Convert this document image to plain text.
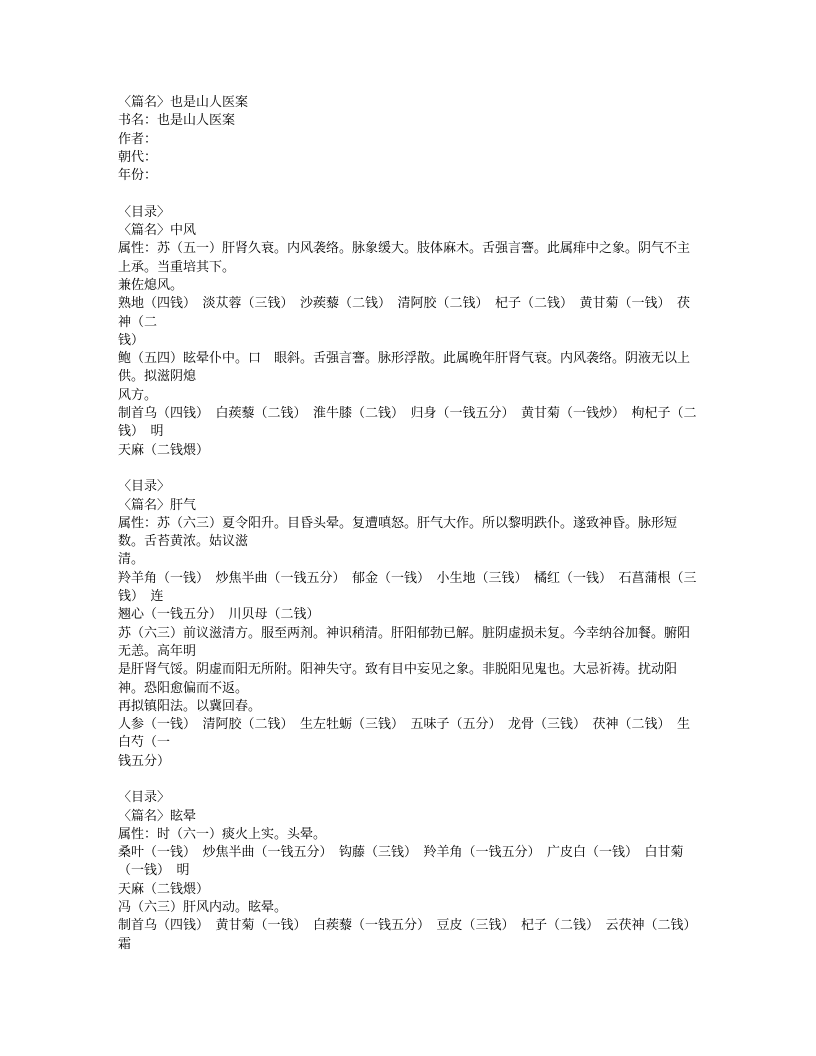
〈篇名〉也是山人医案
书名：也是山人医案
作者：
朝代：
年份：
〈目录〉
〈篇名〉中风
属性：苏（五一）肝肾久衰。内风袭络。脉象缓大。肢体麻木。舌强言謇。此属痱中之象。阴气不主上承。当重培其下。
兼佐熄风。
熟地（四钱）　淡苁蓉（三钱）　沙蒺藜（二钱）　清阿胶（二钱）　杞子（二钱）　黄甘菊（一钱）　茯神（二
钱）
鲍（五四）眩晕仆中。口　眼斜。舌强言謇。脉形浮散。此属晚年肝肾气衰。内风袭络。阴液无以上供。拟滋阴熄
风方。
制首乌（四钱）　白蒺藜（二钱）　淮牛膝（二钱）　归身（一钱五分）　黄甘菊（一钱炒）　枸杞子（二钱）　明
天麻（二钱煨）
〈目录〉
〈篇名〉肝气
属性：苏（六三）夏令阳升。目昏头晕。复遭嗔怒。肝气大作。所以黎明跌仆。遂致神昏。脉形短数。舌苔黄浓。姑议滋
清。
羚羊角（一钱）　炒焦半曲（一钱五分）　郁金（一钱）　小生地（三钱）　橘红（一钱）　石菖蒲根（三钱）　连
翘心（一钱五分）　川贝母（二钱）
苏（六三）前议滋清方。服至两剂。神识稍清。肝阳郁勃已解。脏阴虚损未复。今幸纳谷加餐。腑阳无恙。高年明
是肝肾气馁。阴虚而阳无所附。阳神失守。致有目中妄见之象。非脱阳见鬼也。大忌祈祷。扰动阳神。恐阳愈偏而不返。
再拟镇阳法。以冀回春。
人参（一钱）　清阿胶（二钱）　生左牡蛎（三钱）　五味子（五分）　龙骨（三钱）　茯神（二钱）　生白芍（一
钱五分）
〈目录〉
〈篇名〉眩晕
属性：时（六一）痰火上实。头晕。
桑叶（一钱）　炒焦半曲（一钱五分）　钩藤（三钱）　羚羊角（一钱五分）　广皮白（一钱）　白甘菊（一钱）　明
天麻（二钱煨）
冯（六三）肝风内动。眩晕。
制首乌（四钱）　黄甘菊（一钱）　白蒺藜（一钱五分）　豆皮（三钱）　杞子（二钱）　云茯神（二钱）　霜
